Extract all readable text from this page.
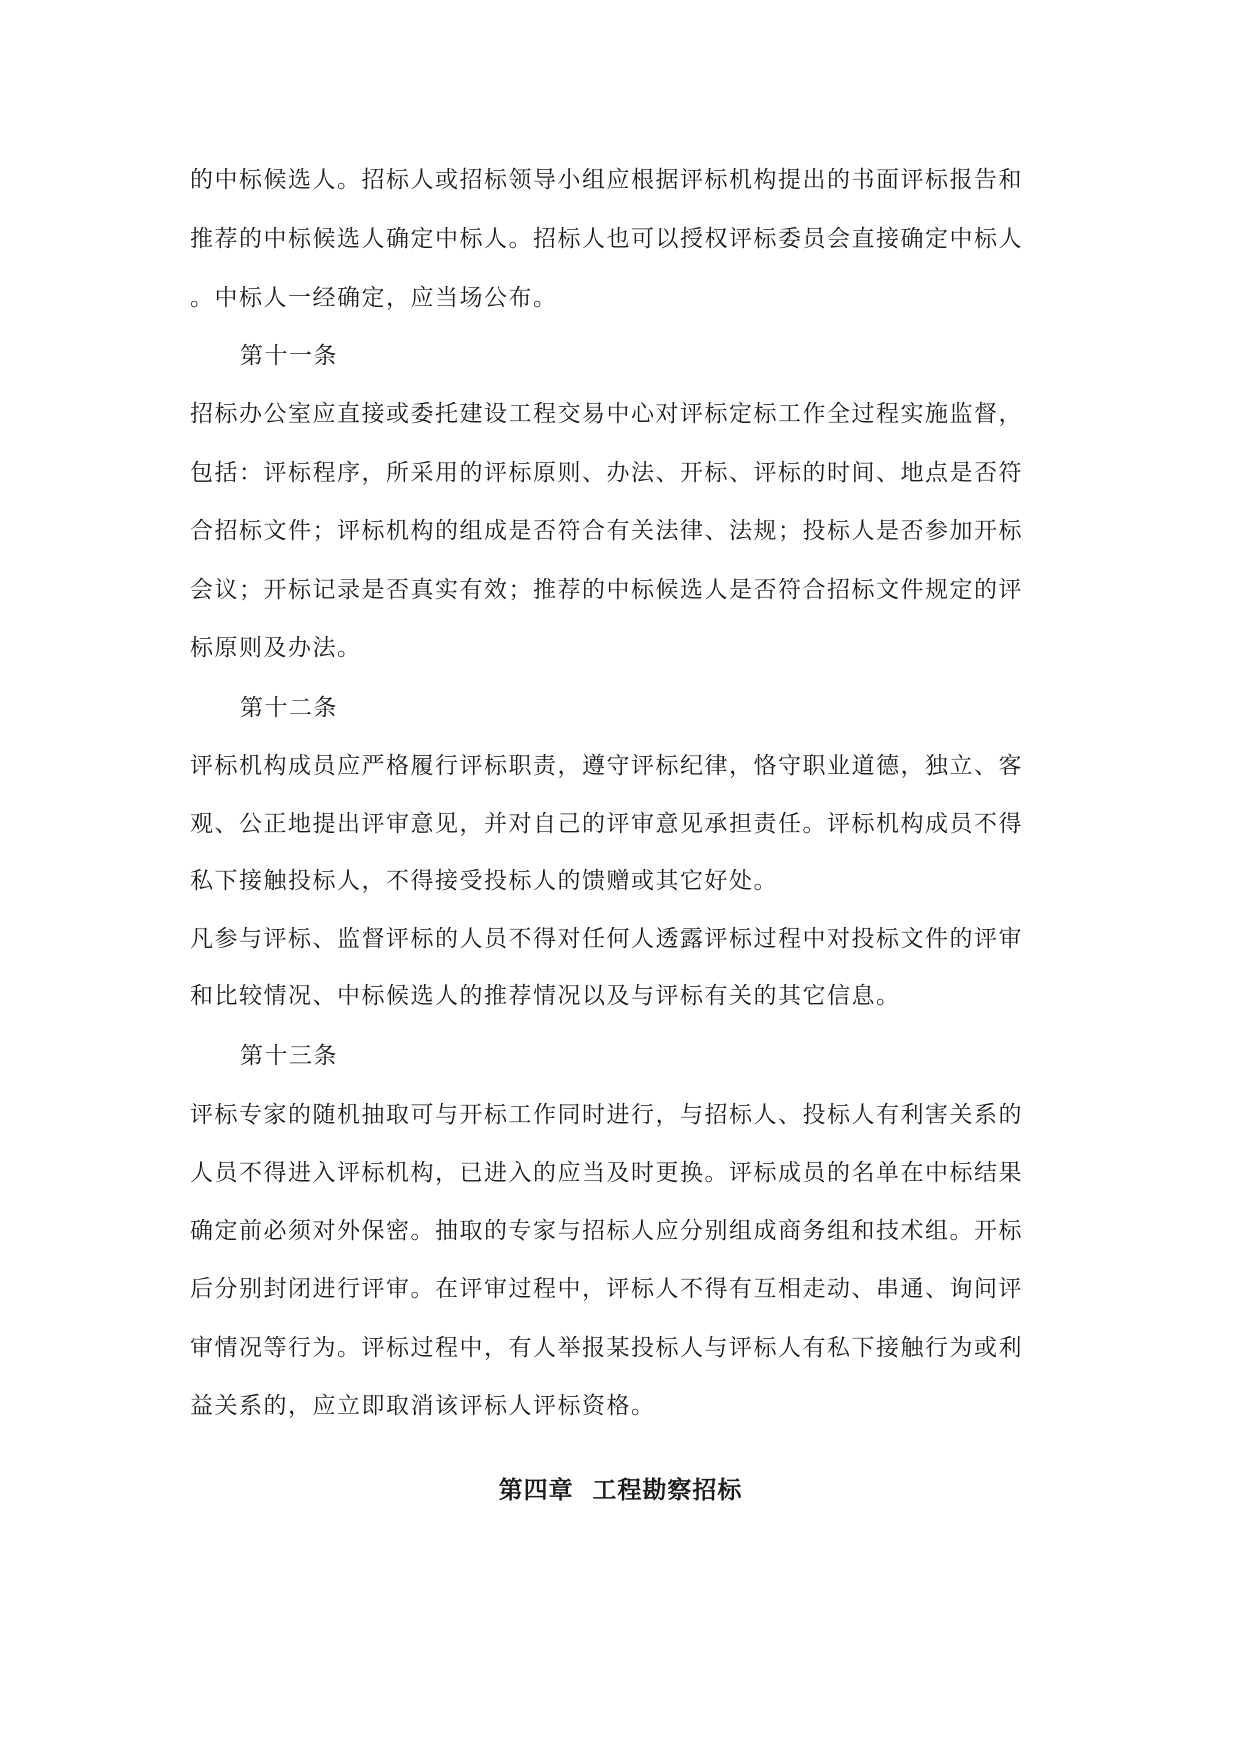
的中标候选人。招标人或招标领导小组应根据评标机构提出的书面评标报告和
推荐的中标候选人确定中标人。招标人也可以授权评标委员会直接确定中标人
。中标人一经确定，应当场公布。
第十一条
招标办公室应直接或委托建设工程交易中心对评标定标工作全过程实施监督，
包括：评标程序，所采用的评标原则、办法、开标、评标的时间、地点是否符
合招标文件；评标机构的组成是否符合有关法律、法规；投标人是否参加开标
会议；开标记录是否真实有效；推荐的中标候选人是否符合招标文件规定的评
标原则及办法。
第十二条
评标机构成员应严格履行评标职责，遵守评标纪律，恪守职业道德，独立、客
观、公正地提出评审意见，并对自己的评审意见承担责任。评标机构成员不得
私下接触投标人，不得接受投标人的馈赠或其它好处。
凡参与评标、监督评标的人员不得对任何人透露评标过程中对投标文件的评审
和比较情况、中标候选人的推荐情况以及与评标有关的其它信息。
第十三条
评标专家的随机抽取可与开标工作同时进行，与招标人、投标人有利害关系的
人员不得进入评标机构，已进入的应当及时更换。评标成员的名单在中标结果
确定前必须对外保密。抽取的专家与招标人应分别组成商务组和技术组。开标
后分别封闭进行评审。在评审过程中，评标人不得有互相走动、串通、询问评
审情况等行为。评标过程中，有人举报某投标人与评标人有私下接触行为或利
益关系的，应立即取消该评标人评标资格。
第四章  工程勘察招标
